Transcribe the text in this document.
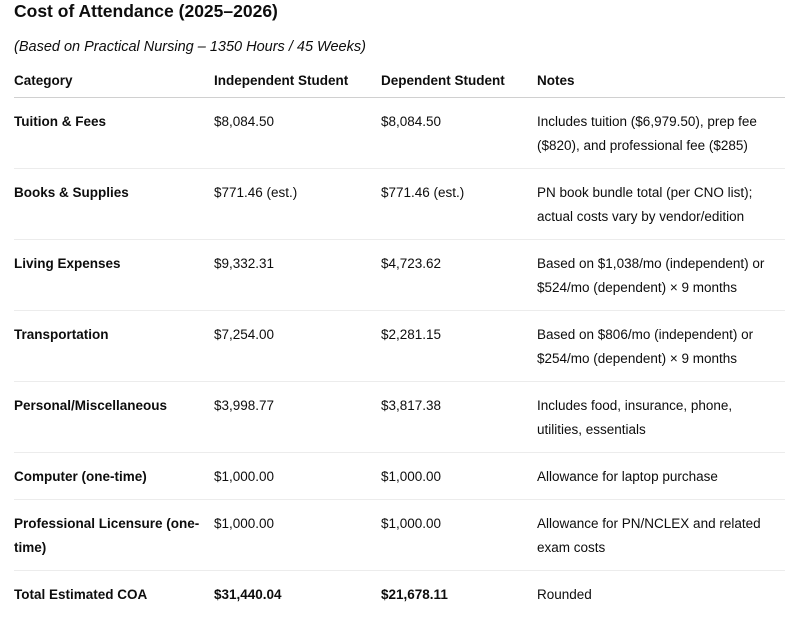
Cost of Attendance (2025–2026)

(Based on Practical Nursing – 1350 Hours / 45 Weeks)

Category	Independent Student	Dependent Student	Notes
Tuition & Fees	$8,084.50	$8,084.50	Includes tuition ($6,979.50), prep fee ($820), and professional fee ($285)
Books & Supplies	$771.46 (est.)	$771.46 (est.)	PN book bundle total (per CNO list); actual costs vary by vendor/edition
Living Expenses	$9,332.31	$4,723.62	Based on $1,038/mo (independent) or $524/mo (dependent) × 9 months
Transportation	$7,254.00	$2,281.15	Based on $806/mo (independent) or $254/mo (dependent) × 9 months
Personal/Miscellaneous	$3,998.77	$3,817.38	Includes food, insurance, phone, utilities, essentials
Computer (one-time)	$1,000.00	$1,000.00	Allowance for laptop purchase
Professional Licensure (one-time)	$1,000.00	$1,000.00	Allowance for PN/NCLEX and related exam costs
Total Estimated COA	$31,440.04	$21,678.11	Rounded
